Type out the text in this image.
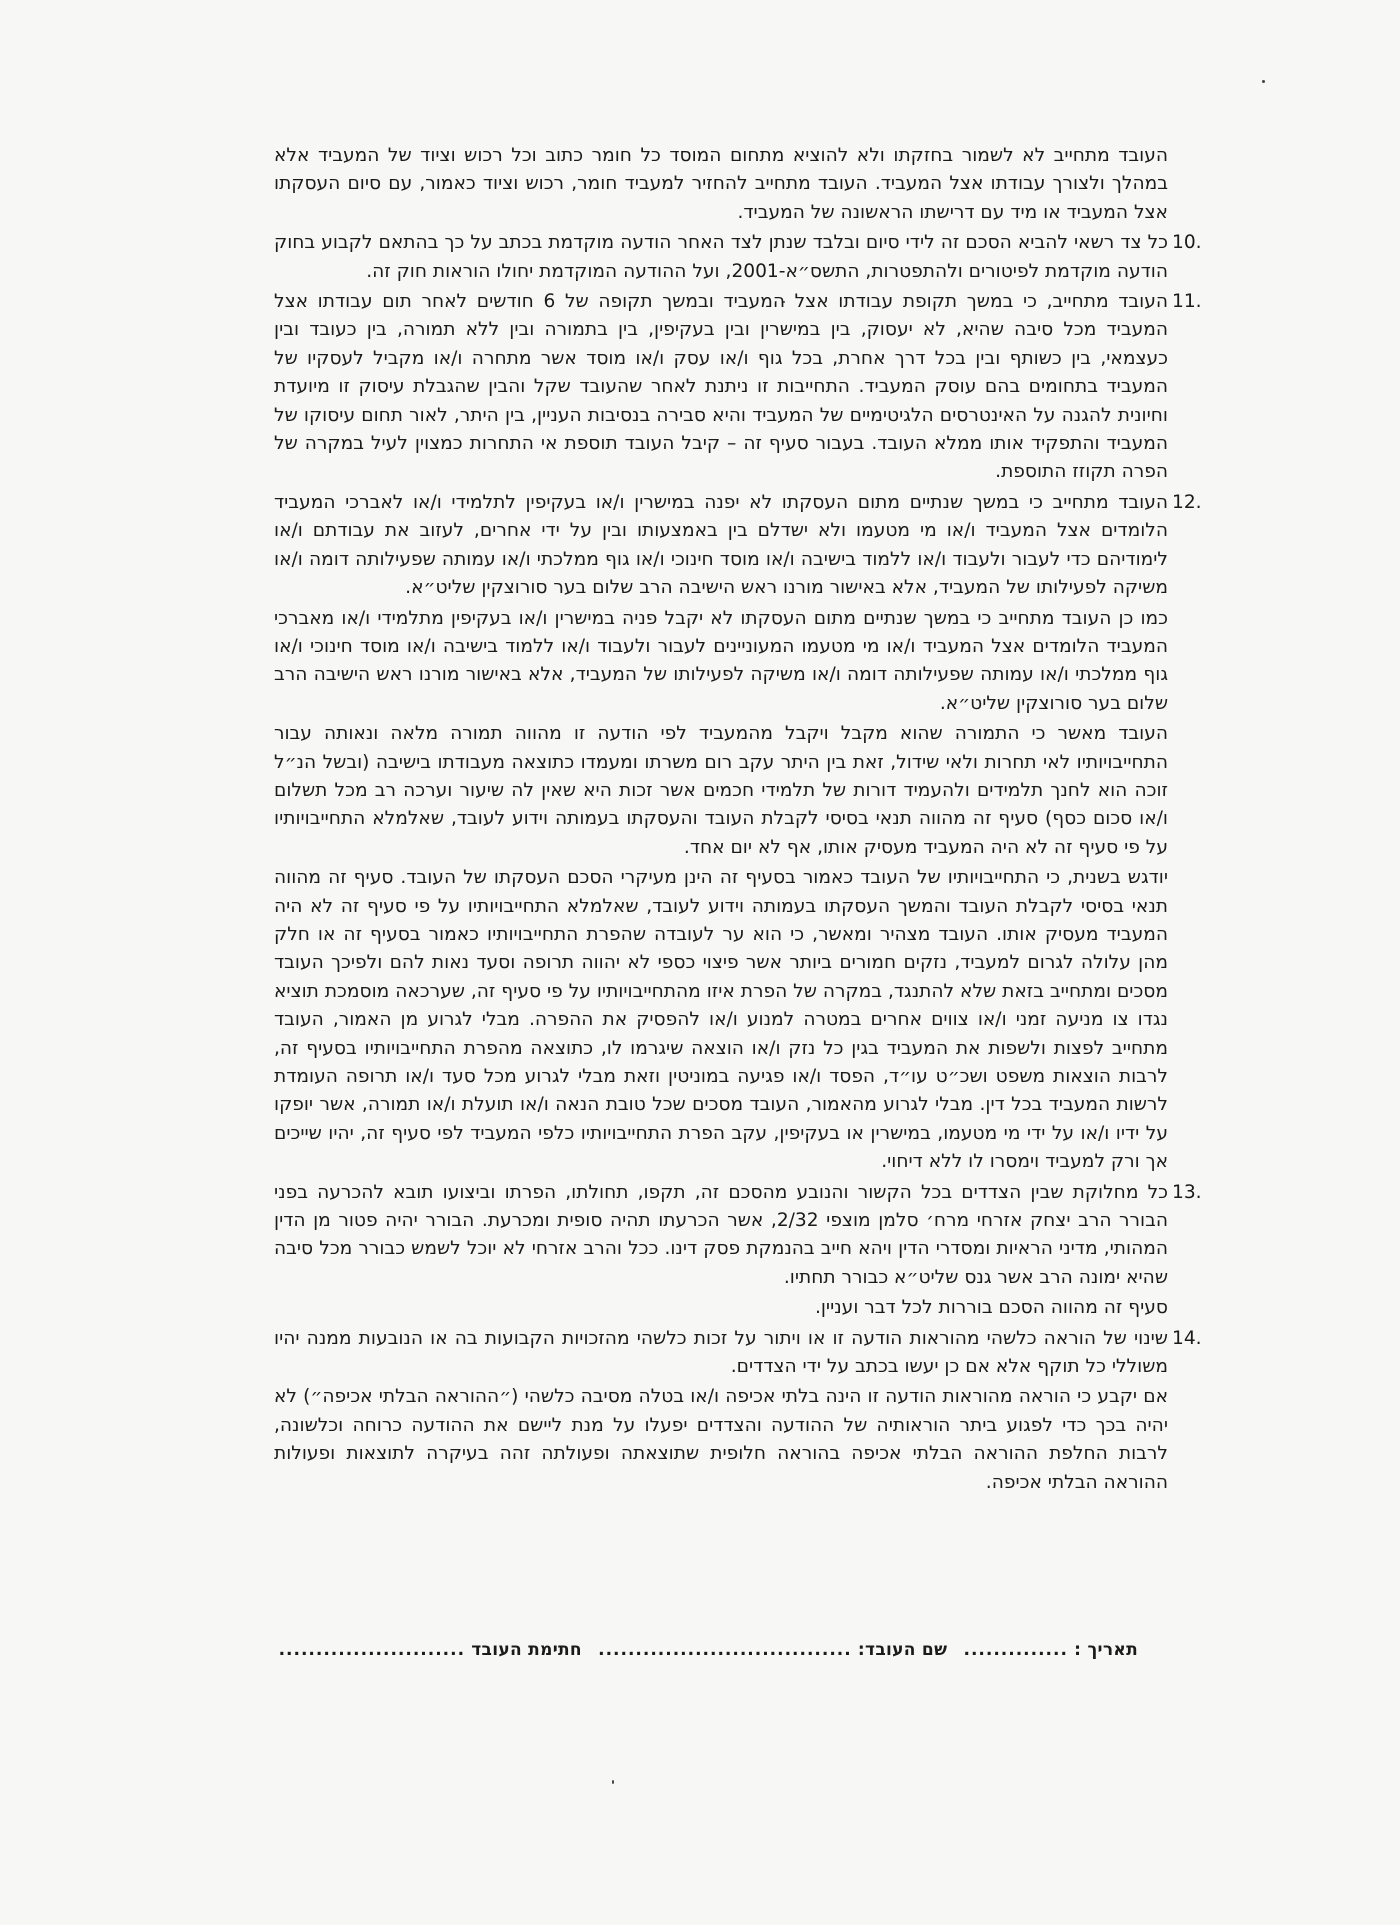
העובד מתחייב לא לשמור בחזקתו ולא להוציא מתחום המוסד כל חומר כתוב וכל רכוש וציוד של המעביד אלא במהלך ולצורך עבודתו אצל המעביד. העובד מתחייב להחזיר למעביד חומר, רכוש וציוד כאמור, עם סיום העסקתו אצל המעביד או מיד עם דרישתו הראשונה של המעביד.

10.

כל צד רשאי להביא הסכם זה לידי סיום ובלבד שנתן לצד האחר הודעה מוקדמת בכתב על כך בהתאם לקבוע בחוק הודעה מוקדמת לפיטורים ולהתפטרות, התשס״א-2001, ועל ההודעה המוקדמת יחולו הוראות חוק זה.

11.

העובד מתחייב, כי במשך תקופת עבודתו אצל המעביד ובמשך תקופה של 6 חודשים לאחר תום עבודתו אצל המעביד מכל סיבה שהיא, לא יעסוק, בין במישרין ובין בעקיפין, בין בתמורה ובין ללא תמורה, בין כעובד ובין כעצמאי, בין כשותף ובין בכל דרך אחרת, בכל גוף ו/או עסק ו/או מוסד אשר מתחרה ו/או מקביל לעסקיו של המעביד בתחומים בהם עוסק המעביד. התחייבות זו ניתנת לאחר שהעובד שקל והבין שהגבלת עיסוק זו מיועדת וחיונית להגנה על האינטרסים הלגיטימיים של המעביד והיא סבירה בנסיבות העניין, בין היתר, לאור תחום עיסוקו של המעביד והתפקיד אותו ממלא העובד. בעבור סעיף זה – קיבל העובד תוספת אי התחרות כמצוין לעיל במקרה של הפרה תקוזז התוספת.

12.

העובד מתחייב כי במשך שנתיים מתום העסקתו לא יפנה במישרין ו/או בעקיפין לתלמידי ו/או לאברכי המעביד הלומדים אצל המעביד ו/או מי מטעמו ולא ישדלם בין באמצעותו ובין על ידי אחרים, לעזוב את עבודתם ו/או לימודיהם כדי לעבור ולעבוד ו/או ללמוד בישיבה ו/או מוסד חינוכי ו/או גוף ממלכתי ו/או עמותה שפעילותה דומה ו/או משיקה לפעילותו של המעביד, אלא באישור מורנו ראש הישיבה הרב שלום בער סורוצקין שליט״א.

כמו כן העובד מתחייב כי במשך שנתיים מתום העסקתו לא יקבל פניה במישרין ו/או בעקיפין מתלמידי ו/או מאברכי המעביד הלומדים אצל המעביד ו/או מי מטעמו המעוניינים לעבור ולעבוד ו/או ללמוד בישיבה ו/או מוסד חינוכי ו/או גוף ממלכתי ו/או עמותה שפעילותה דומה ו/או משיקה לפעילותו של המעביד, אלא באישור מורנו ראש הישיבה הרב שלום בער סורוצקין שליט״א.

העובד מאשר כי התמורה שהוא מקבל ויקבל מהמעביד לפי הודעה זו מהווה תמורה מלאה ונאותה עבור התחייבויותיו לאי תחרות ולאי שידול, זאת בין היתר עקב רום משרתו ומעמדו כתוצאה מעבודתו בישיבה (ובשל הנ״ל זוכה הוא לחנך תלמידים ולהעמיד דורות של תלמידי חכמים אשר זכות היא שאין לה שיעור וערכה רב מכל תשלום ו/או סכום כסף) סעיף זה מהווה תנאי בסיסי לקבלת העובד והעסקתו בעמותה וידוע לעובד, שאלמלא התחייבויותיו על פי סעיף זה לא היה המעביד מעסיק אותו, אף לא יום אחד.

יודגש בשנית, כי התחייבויותיו של העובד כאמור בסעיף זה הינן מעיקרי הסכם העסקתו של העובד. סעיף זה מהווה תנאי בסיסי לקבלת העובד והמשך העסקתו בעמותה וידוע לעובד, שאלמלא התחייבויותיו על פי סעיף זה לא היה המעביד מעסיק אותו. העובד מצהיר ומאשר, כי הוא ער לעובדה שהפרת התחייבויותיו כאמור בסעיף זה או חלק מהן עלולה לגרום למעביד, נזקים חמורים ביותר אשר פיצוי כספי לא יהווה תרופה וסעד נאות להם ולפיכך העובד מסכים ומתחייב בזאת שלא להתנגד, במקרה של הפרת איזו מהתחייבויותיו על פי סעיף זה, שערכאה מוסמכת תוציא נגדו צו מניעה זמני ו/או צווים אחרים במטרה למנוע ו/או להפסיק את ההפרה. מבלי לגרוע מן האמור, העובד מתחייב לפצות ולשפות את המעביד בגין כל נזק ו/או הוצאה שיגרמו לו, כתוצאה מהפרת התחייבויותיו בסעיף זה, לרבות הוצאות משפט ושכ״ט עו״ד, הפסד ו/או פגיעה במוניטין וזאת מבלי לגרוע מכל סעד ו/או תרופה העומדת לרשות המעביד בכל דין. מבלי לגרוע מהאמור, העובד מסכים שכל טובת הנאה ו/או תועלת ו/או תמורה, אשר יופקו על ידיו ו/או על ידי מי מטעמו, במישרין או בעקיפין, עקב הפרת התחייבויותיו כלפי המעביד לפי סעיף זה, יהיו שייכים אך ורק למעביד וימסרו לו ללא דיחוי.

13.

כל מחלוקת שבין הצדדים בכל הקשור והנובע מהסכם זה, תקפו, תחולתו, הפרתו וביצועו תובא להכרעה בפני הבורר הרב יצחק אזרחי מרח׳ סלמן מוצפי 2/32, אשר הכרעתו תהיה סופית ומכרעת. הבורר יהיה פטור מן הדין המהותי, מדיני הראיות ומסדרי הדין ויהא חייב בהנמקת פסק דינו. ככל והרב אזרחי לא יוכל לשמש כבורר מכל סיבה שהיא ימונה הרב אשר גנס שליט״א כבורר תחתיו.

סעיף זה מהווה הסכם בוררות לכל דבר ועניין.

14.

שינוי של הוראה כלשהי מהוראות הודעה זו או ויתור על זכות כלשהי מהזכויות הקבועות בה או הנובעות ממנה יהיו משוללי כל תוקף אלא אם כן יעשו בכתב על ידי הצדדים.

אם יקבע כי הוראה מהוראות הודעה זו הינה בלתי אכיפה ו/או בטלה מסיבה כלשהי (״ההוראה הבלתי אכיפה״) לא יהיה בכך כדי לפגוע ביתר הוראותיה של ההודעה והצדדים יפעלו על מנת ליישם את ההודעה כרוחה וכלשונה, לרבות החלפת ההוראה הבלתי אכיפה בהוראה חלופית שתוצאתה ופעולתה זהה בעיקרה לתוצאות ופעולות ההוראה הבלתי אכיפה.

תאריך : .............. שם העובד: .................................. חתימת העובד .........................
